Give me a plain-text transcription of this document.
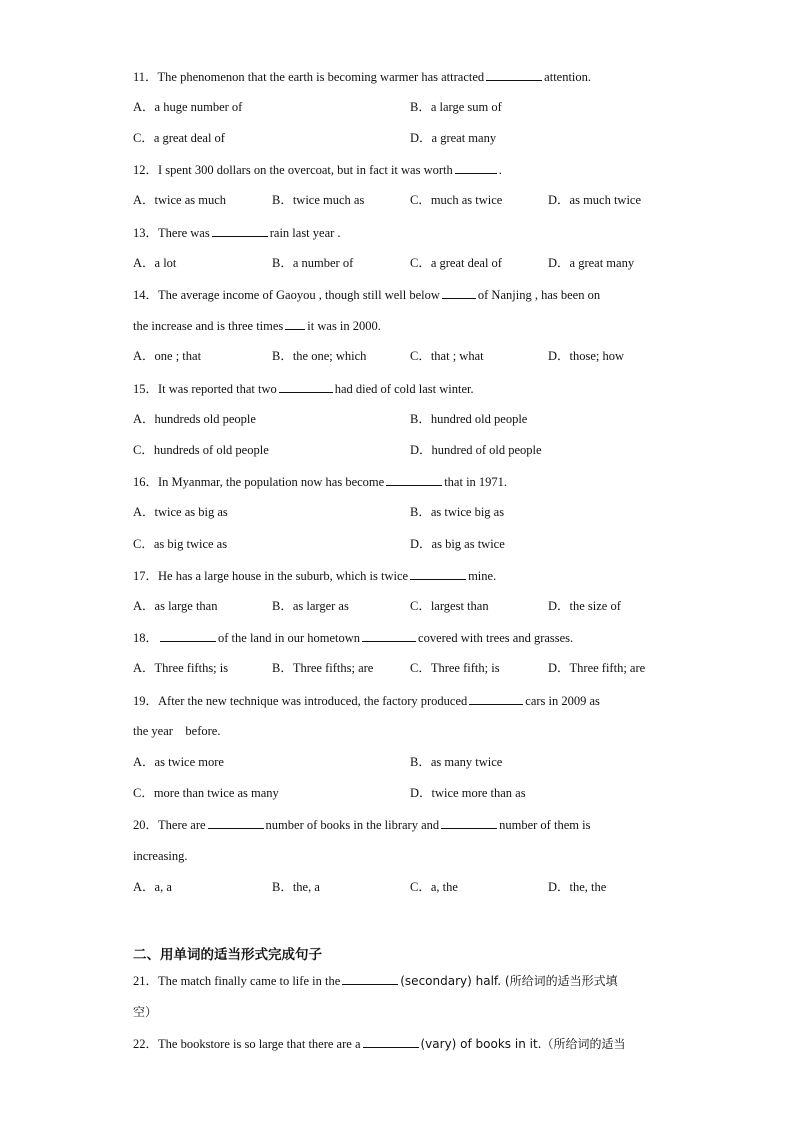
11．The phenomenon that the earth is becoming warmer has attracted	attention.
A．a huge number of	B．a large sum of
C．a great deal of	D．a great many
12．I spent 300 dollars on the overcoat, but in fact it was worth	.
A．twice as much	B．twice much as	C．much as twice	D．as much twice
13．There was	rain last year .
A．a lot	B．a number of	C．a great deal of	D．a great many
14．The average income of Gaoyou , though still well below	of Nanjing , has been on
the increase and is three times it was in 2000.
A．one ; that	B．the one; which	C．that ; what	D．those; how
15．It was reported that two	had died of cold last winter.
A．hundreds old people	B．hundred old people
C．hundreds of old people	D．hundred of old people
16．In Myanmar, the population now has become	that in 1971.
A．twice as big as	B．as twice big as
C．as big twice as	D．as big as twice
17．He has a large house in the suburb, which is twice	mine.
A．as large than	B．as larger as	C．largest than	D．the size of
18．	of the land in our hometown	covered with trees and grasses.
A．Three fifths; is	B．Three fifths; are	C．Three fifth; is	D．Three fifth; are
19．After the new technique was introduced, the factory produced	cars in 2009 as
the year　before.
A．as twice more	B．as many twice
C．more than twice as many	D．twice more than as
20．There are	number of books in the library and	number of them is
increasing.
A．a, a	B．the, a	C．a, the	D．the, the
二、用单词的适当形式完成句子
21．The match finally came to life in the	(secondary) half. (所给词的适当形式填
空）
22．The bookstore is so large that there are a	(vary) of books in it.（所给词的适当
